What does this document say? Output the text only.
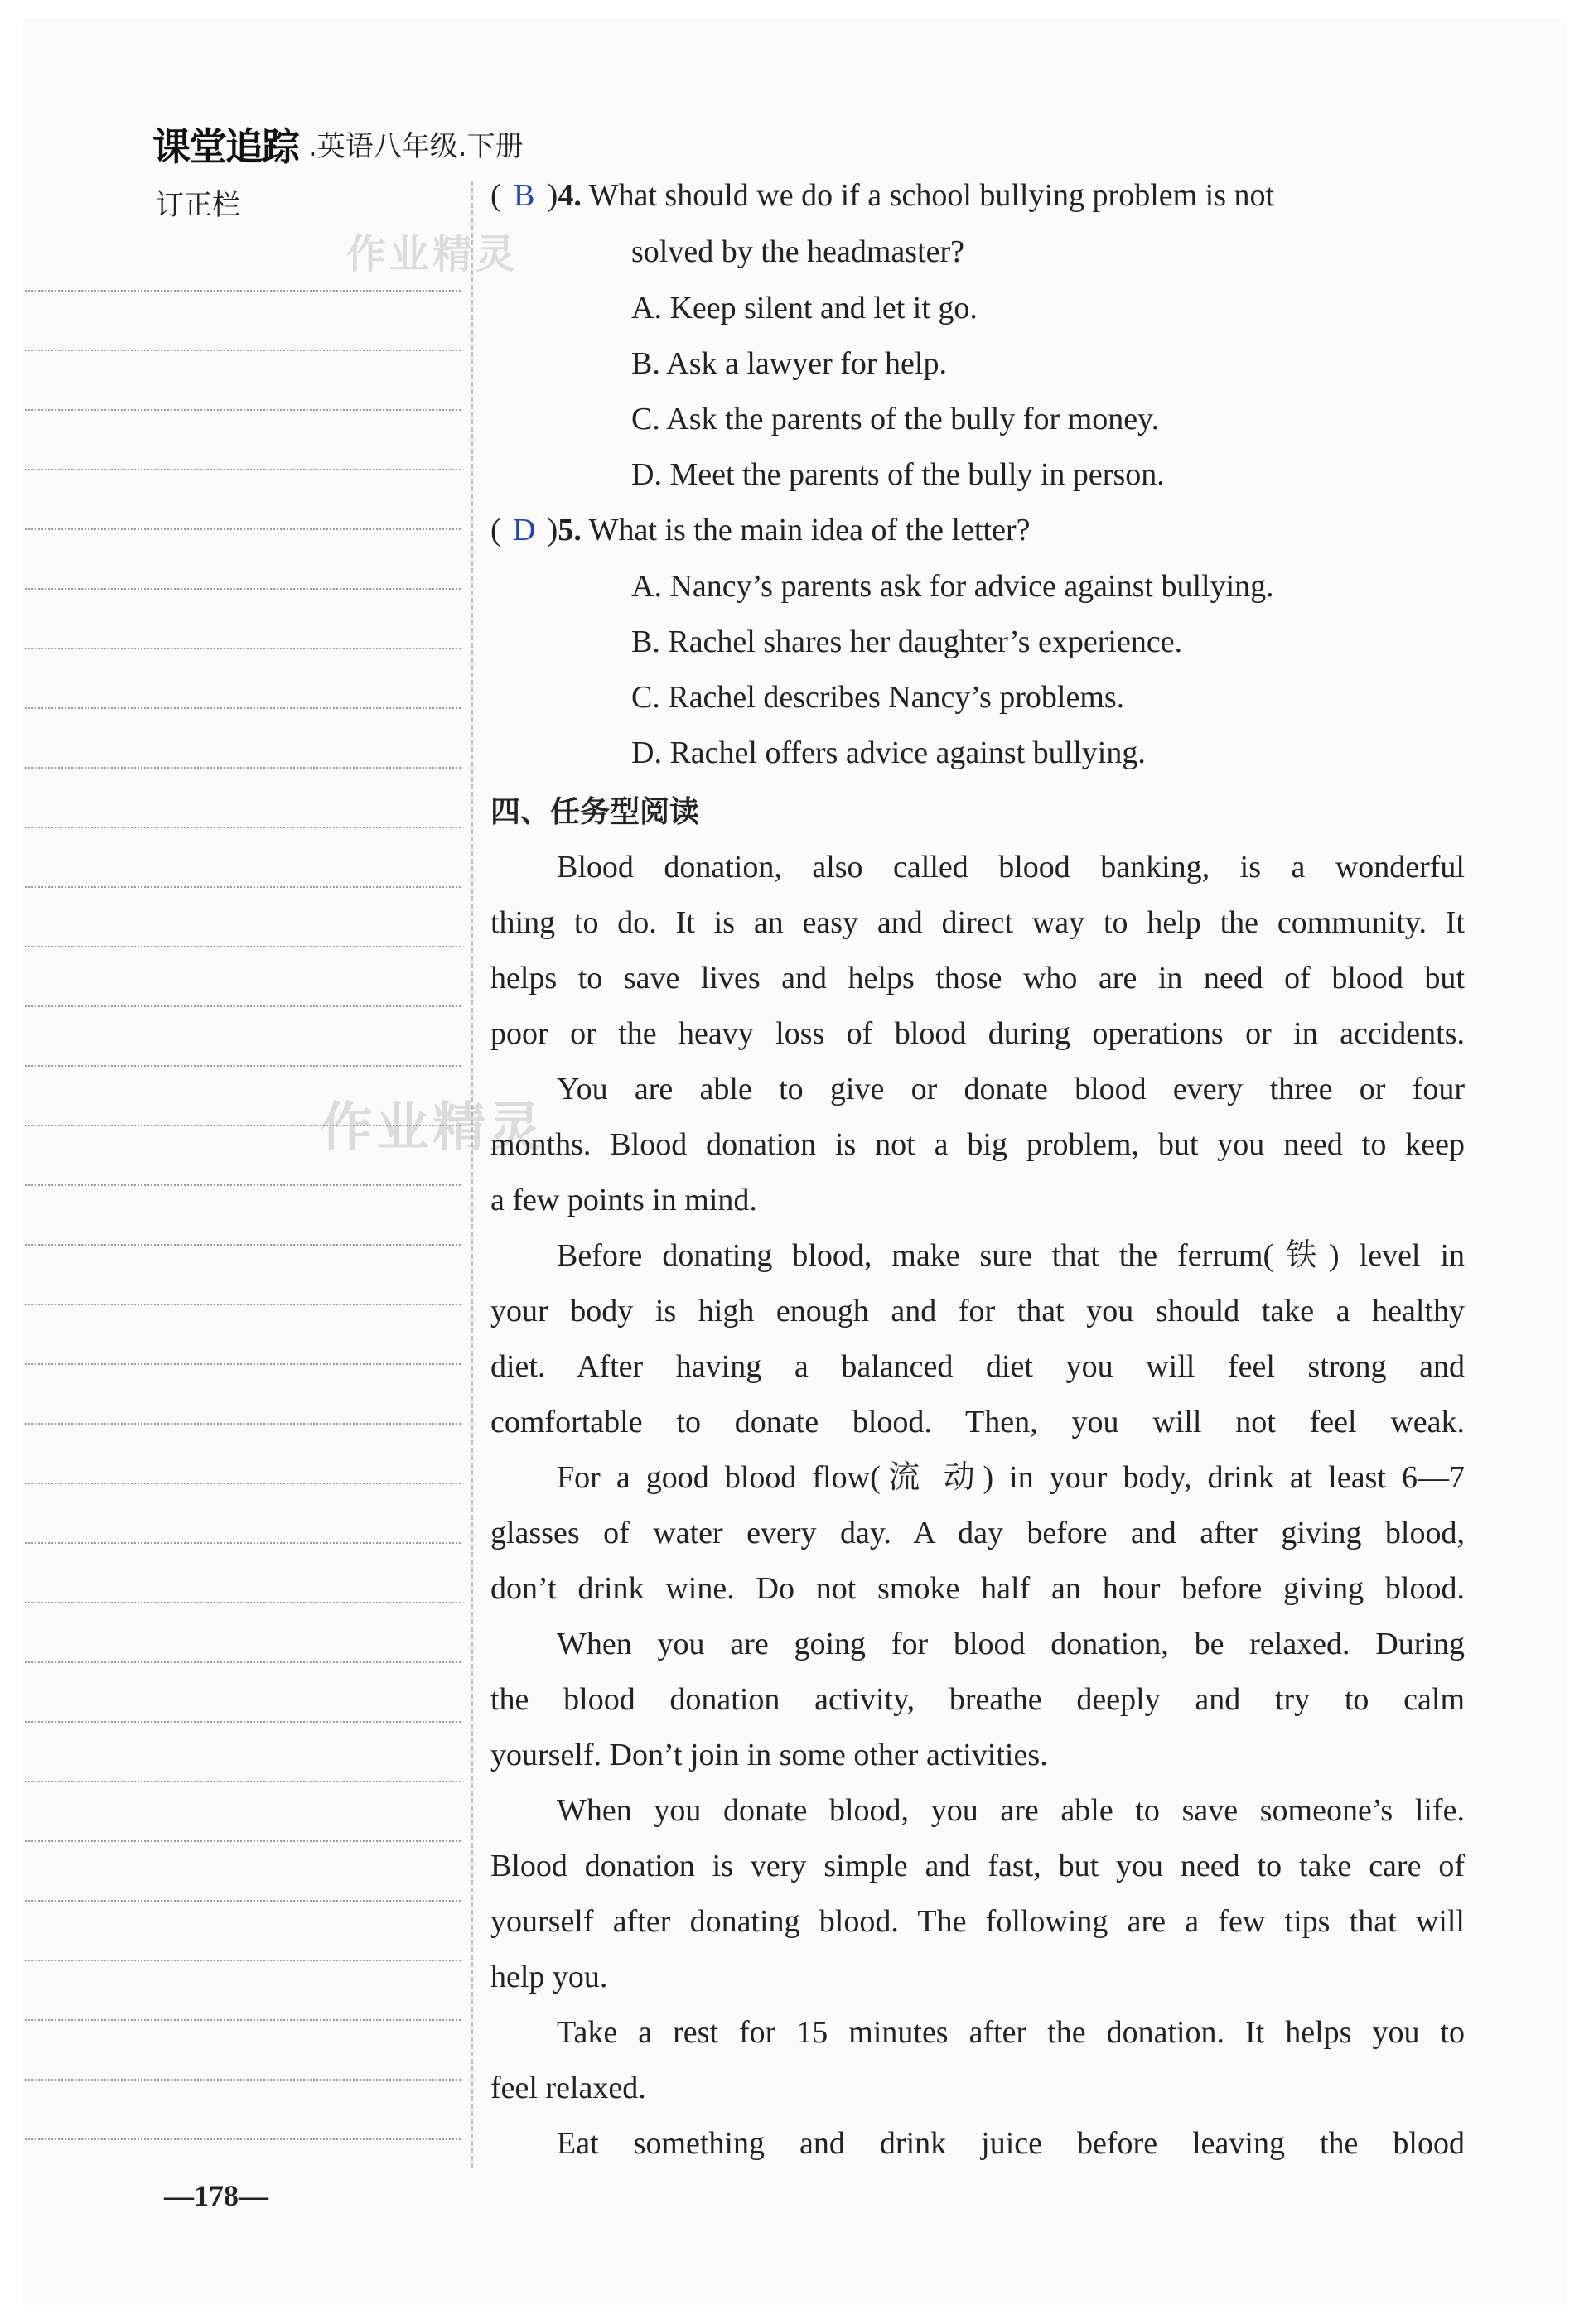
课堂追踪 .英语八年级.下册
订正栏
作业精灵
作业精灵
( B )4. What should we do if a school bullying problem is not
solved by the headmaster?
A. Keep silent and let it go.
B. Ask a lawyer for help.
C. Ask the parents of the bully for money.
D. Meet the parents of the bully in person.
( D )5. What is the main idea of the letter?
A. Nancy’s parents ask for advice against bullying.
B. Rachel shares her daughter’s experience.
C. Rachel describes Nancy’s problems.
D. Rachel offers advice against bullying.
四、任务型阅读
Blood donation, also called blood banking, is a wonderful
thing to do. It is an easy and direct way to help the community. It
helps to save lives and helps those who are in need of blood but
poor or the heavy loss of blood during operations or in accidents.
You are able to give or donate blood every three or four
months. Blood donation is not a big problem, but you need to keep
a few points in mind.
Before donating blood, make sure that the ferrum(铁) level in
your body is high enough and for that you should take a healthy
diet. After having a balanced diet you will feel strong and
comfortable to donate blood. Then, you will not feel weak.
For a good blood flow(流 动) in your body, drink at least 6—7
glasses of water every day. A day before and after giving blood,
don’t drink wine. Do not smoke half an hour before giving blood.
When you are going for blood donation, be relaxed. During
the blood donation activity, breathe deeply and try to calm
yourself. Don’t join in some other activities.
When you donate blood, you are able to save someone’s life.
Blood donation is very simple and fast, but you need to take care of
yourself after donating blood. The following are a few tips that will
help you.
Take a rest for 15 minutes after the donation. It helps you to
feel relaxed.
Eat something and drink juice before leaving the blood
—178—
